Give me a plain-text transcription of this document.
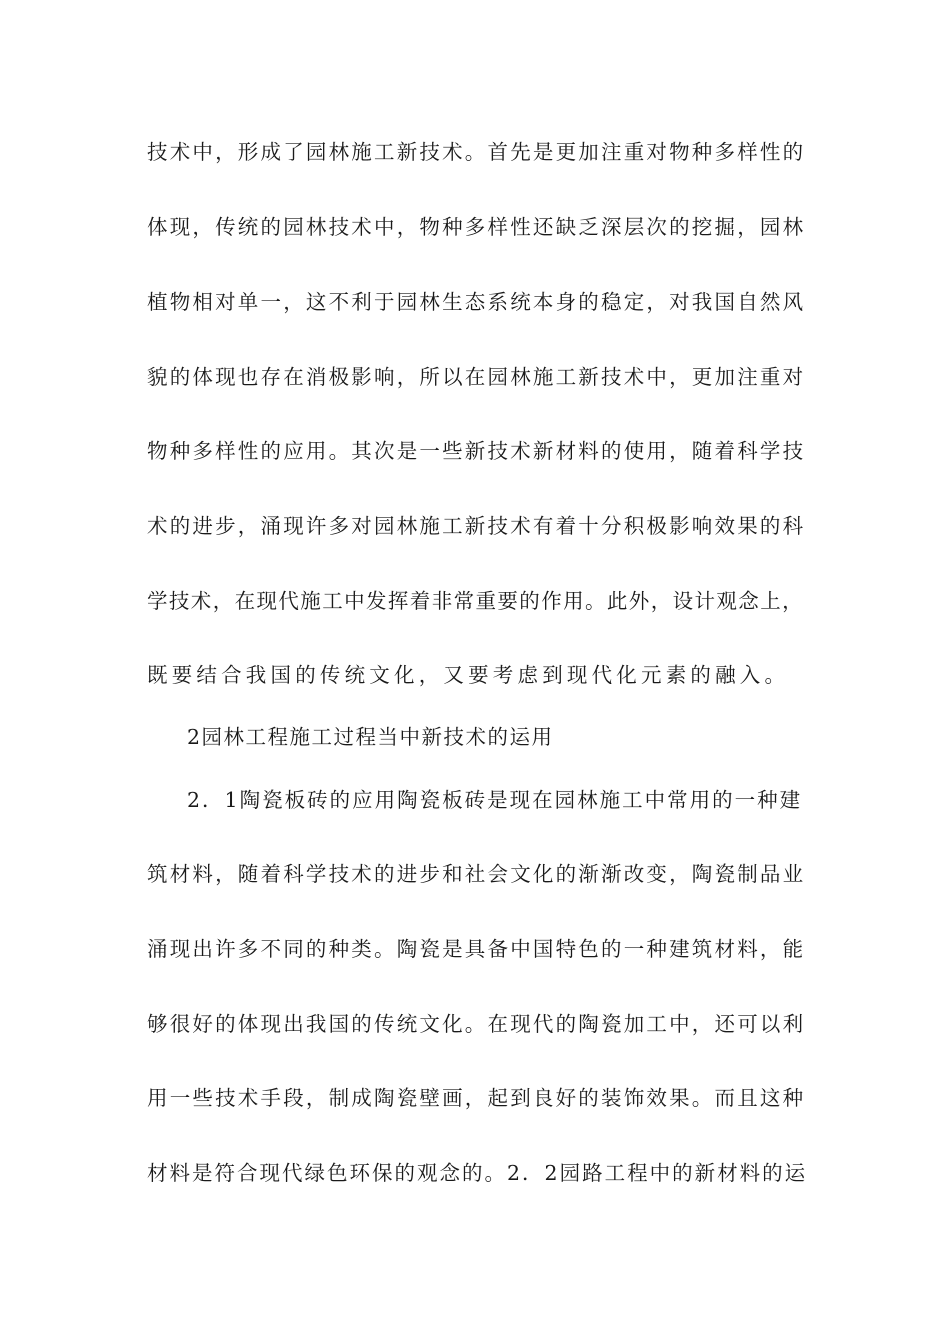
技术中，形成了园林施工新技术。首先是更加注重对物种多样性的
体现，传统的园林技术中，物种多样性还缺乏深层次的挖掘，园林
植物相对单一，这不利于园林生态系统本身的稳定，对我国自然风
貌的体现也存在消极影响，所以在园林施工新技术中，更加注重对
物种多样性的应用。其次是一些新技术新材料的使用，随着科学技
术的进步，涌现许多对园林施工新技术有着十分积极影响效果的科
学技术，在现代施工中发挥着非常重要的作用。此外，设计观念上，
既要结合我国的传统文化，又要考虑到现代化元素的融入。
2园林工程施工过程当中新技术的运用
2．1陶瓷板砖的应用陶瓷板砖是现在园林施工中常用的一种建
筑材料，随着科学技术的进步和社会文化的渐渐改变，陶瓷制品业
涌现出许多不同的种类。陶瓷是具备中国特色的一种建筑材料，能
够很好的体现出我国的传统文化。在现代的陶瓷加工中，还可以利
用一些技术手段，制成陶瓷壁画，起到良好的装饰效果。而且这种
材料是符合现代绿色环保的观念的。2．2园路工程中的新材料的运
